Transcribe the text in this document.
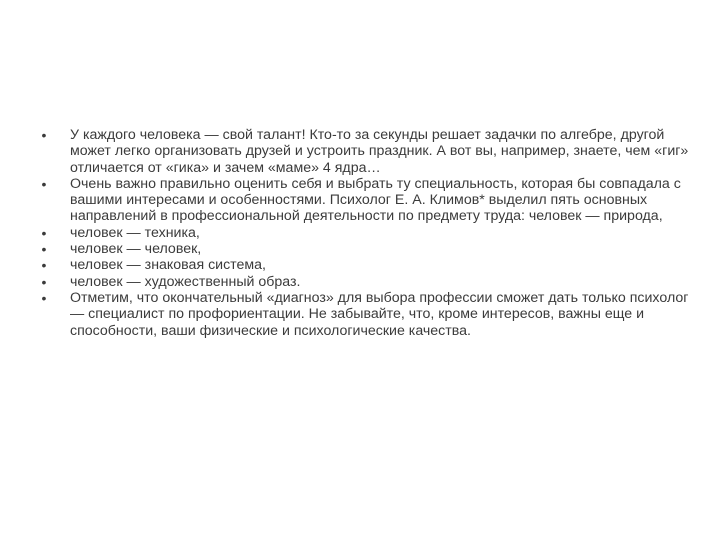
•	У каждого человека — свой талант! Кто-то за секунды решает задачки по алгебре, другой может легко организовать друзей и устроить праздник. А вот вы, например, знаете, чем «гиг» отличается от «гика» и зачем «маме» 4 ядра…
•	Очень важно правильно оценить себя и выбрать ту специальность, которая бы совпадала с вашими интересами и особенностями. Психолог Е. А. Климов* выделил пять основных направлений в профессиональной деятельности по предмету труда: человек — природа,
•	человек — техника,
•	человек — человек,
•	человек — знаковая система,
•	человек — художественный образ.
•	Отметим, что окончательный «диагноз» для выбора профессии сможет дать только психолог — специалист по профориентации. Не забывайте, что, кроме интересов, важны еще и способности, ваши физические и психологические качества.
